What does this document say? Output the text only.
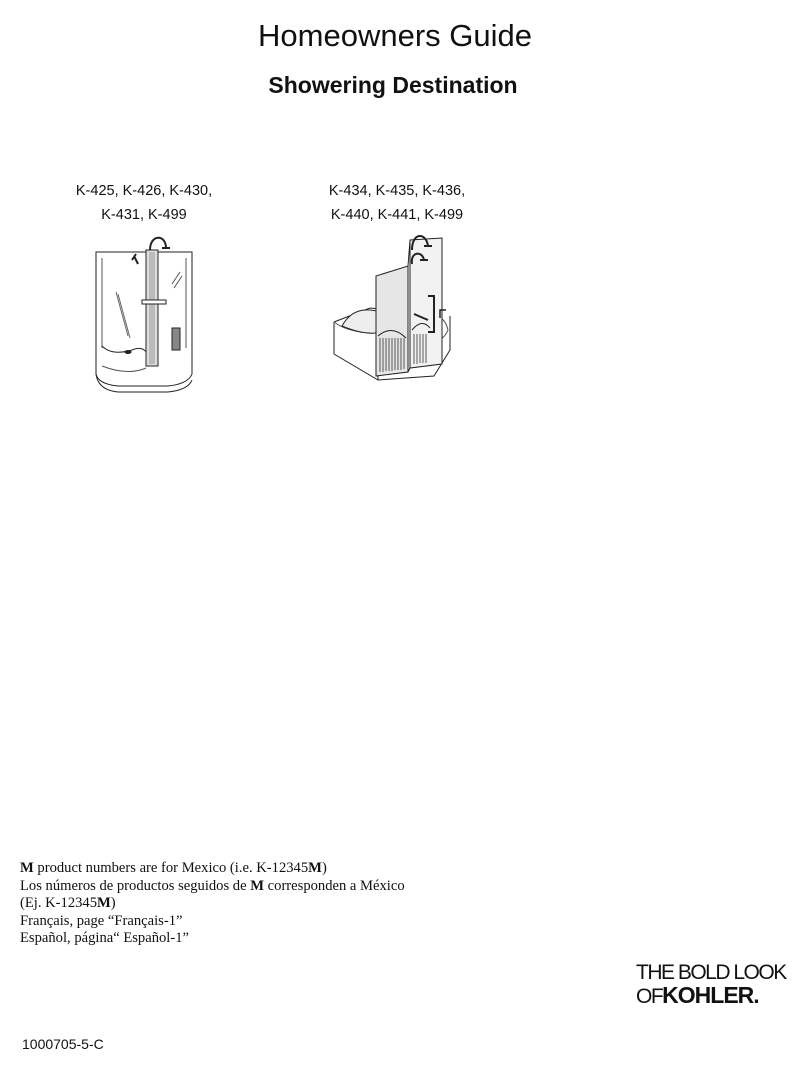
Homeowners Guide
Showering Destination
K-425, K-426, K-430,
K-431, K-499
K-434, K-435, K-436,
K-440, K-441, K-499

M product numbers are for Mexico (i.e. K-12345M)

Los números de productos seguidos de M corresponden a México

(Ej. K-12345M)

Français, page “Français-1”

Español, página“ Español-1”

THE BOLD LOOK
OFKOHLER.
1000705-5-C
